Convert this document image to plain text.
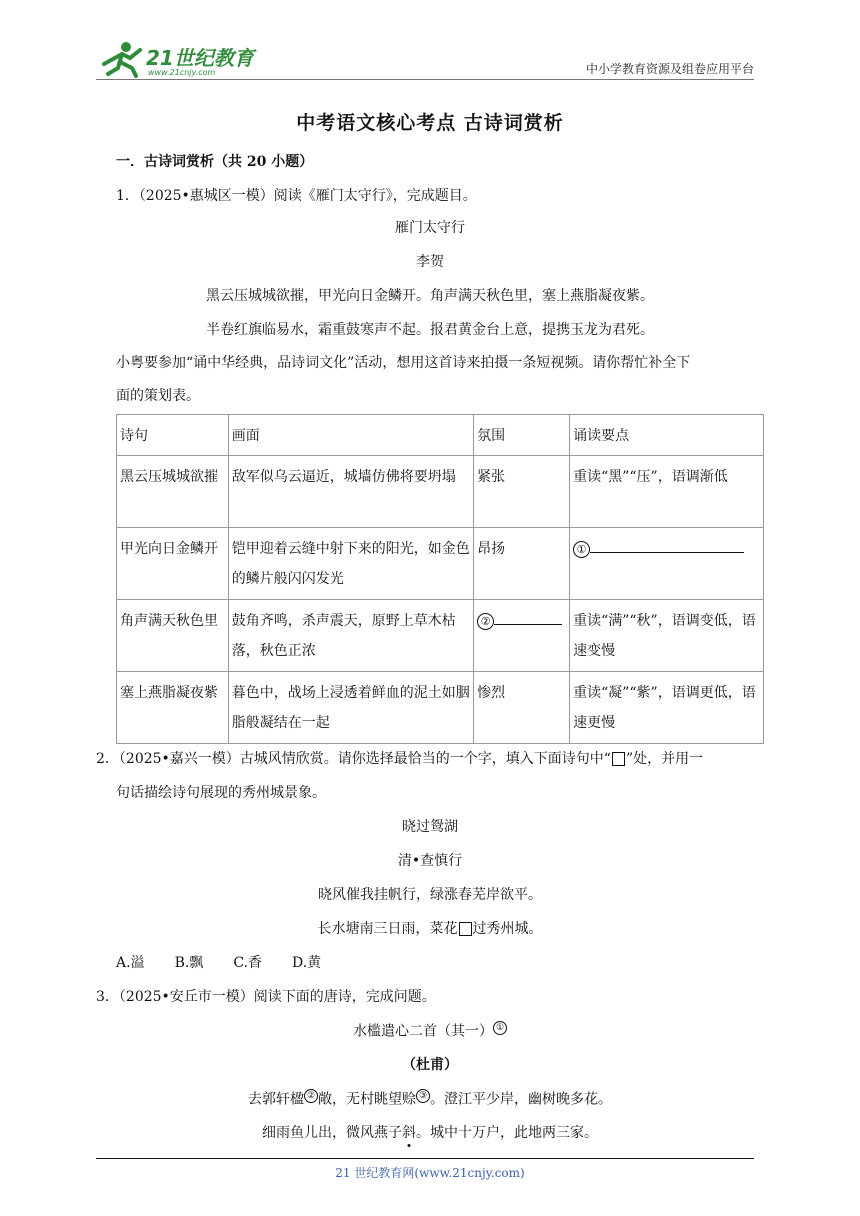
21世纪教育
www.21cnjy.com	中小学教育资源及组卷应用平台
中考语文核心考点 古诗词赏析
一．古诗词赏析（共 20 小题）
1．（2025•惠城区一模）阅读《雁门太守行》，完成题目。
雁门太守行
李贺
黑云压城城欲摧，甲光向日金鳞开。角声满天秋色里，塞上燕脂凝夜紫。
半卷红旗临易水，霜重鼓寒声不起。报君黄金台上意，提携玉龙为君死。
小粤要参加“诵中华经典，品诗词文化”活动，想用这首诗来拍摄一条短视频。请你帮忙补全下
面的策划表。
诗句	画面	氛围	诵读要点
黑云压城城欲摧	敌军似乌云逼近，城墙仿佛将要坍塌	紧张	重读“黑”“压”，语调渐低
甲光向日金鳞开	铠甲迎着云缝中射下来的阳光，如金色的鳞片般闪闪发光	昂扬	①
角声满天秋色里	鼓角齐鸣，杀声震天，原野上草木枯落，秋色正浓	②	重读“满”“秋”，语调变低，语速变慢
塞上燕脂凝夜紫	暮色中，战场上浸透着鲜血的泥土如胭脂般凝结在一起	惨烈	重读“凝”“紫”，语调更低，语速更慢
2．（2025•嘉兴一模）古城风情欣赏。请你选择最恰当的一个字，填入下面诗句中“ ”处，并用一
句话描绘诗句展现的秀州城景象。
晓过鸳湖
清•查慎行
晓风催我挂帆行，绿涨春芜岸欲平。
长水塘南三日雨，菜花 过秀州城。
A.溢 B.飘 C.香 D.黄
3．（2025•安丘市一模）阅读下面的唐诗，完成问题。
水槛遣心二首（其一） ①
（杜甫）
去郭轩楹 ② 敞，无村眺望赊 ③ 。澄江平少岸，幽树晚多花。
细雨鱼儿出，微风燕子斜。城中十万户，此地两三家。
21 世纪教育网(www.21cnjy.com)
